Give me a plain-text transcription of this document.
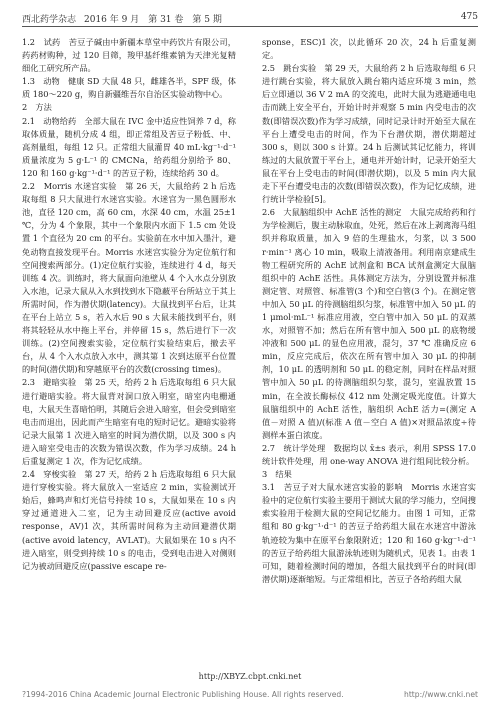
西北药学杂志 2016 年 9 月　第 31 卷　第 5 期	475

1.2　试药　苦豆子碱由中新疆本草堂中药饮片有限公司，药药材购种，过 120 目筛，羧甲基纤维素钠为天津光复精细化工研究所产品。

1.3　动物　健康 SD 大鼠 48 只，雌雄各半，SPF 级，体质 180～220 g，购自新疆维吾尔自治区实验动物中心。

2　方法

2.1　动物给药　全部大鼠在 IVC 金中适应性饲养 7 d，称取体质量，随机分成 4 组，即正常组及苦豆子粉低、中、高剂量组，每组 12 只。正常组大鼠灌胃 40 mL·kg⁻¹·d⁻¹ 质量浓度为 5 g·L⁻¹ 的 CMCNa，给药组分别给予 80、120 和 160 g·kg⁻¹·d⁻¹ 的苦豆子粉，连续给药 30 d。

2.2　Morris 水迷宫实验　第 26 天，大鼠给药 2 h 后选取每组 8 只大鼠进行水迷宫实验。水迷宫为一黑色圆形水池，直径 120 cm，高 60 cm，水深 40 cm，水温 25±1 ℃，分为 4 个象限，其中一个象限内水面下 1.5 cm 处设置 1 个直径为 20 cm 的平台。实验前在水中加入墨汁，避免动物直接发现平台。Morris 水迷宫实验分为定位航行和空间搜索两部分。(1)定位航行实验，连续进行 4 d，每天训练 4 次。训练时，将大鼠面向池壁从 4 个入水点分别放入水池，记录大鼠从入水到找到水下隐蔽平台所站立于其上所需时间，作为潜伏期(latency)。大鼠找到平台后，让其在平台上站立 5 s，若入水后 90 s 大鼠未能找到平台，则将其轻轻从水中拖上平台，并停留 15 s，然后进行下一次训练。(2)空间搜索实验，定位航行实验结束后，撤去平台，从 4 个入水点放入水中，测其第 1 次到达原平台位置的时间(潜伏期)和穿越原平台的次数(crossing times)。

2.3　避暗实验　第 25 天，给药 2 h 后选取每组 6 只大鼠进行避暗实验。将大鼠背对洞口放入明室，暗室内电栅通电，大鼠天生喜暗怕明，其随后会进入暗室，但会受到暗室电击而退出，因此而产生暗室有电的短时记忆。避暗实验将记录大鼠第 1 次进入暗室的时间为潜伏期，以及 300 s 内进入暗室受电击的次数为错误次数，作为学习成绩。24 h 后重复测定 1 次，作为记忆成绩。

2.4　穿梭实验　第 27 天，给药 2 h 后选取每组 6 只大鼠进行穿梭实验。将大鼠放入一室适应 2 min，实验测试开始后，蜂鸣声和灯光信号持续 10 s，大鼠如果在 10 s 内穿过通道进入二室，记为主动回避反应(active avoid response，AV)1 次，其所需时间称为主动回避潜伏期(active avoid latency，AVLAT)。大鼠如果在 10 s 内不进入暗室，则受到持续 10 s 的电击，受到电击进入对侧则记为被动回避反应(passive escape re-

sponse，ESC)1 次，以此循环 20 次，24 h 后重复测定。

2.5　跳台实验　第 29 天，大鼠给药 2 h 后选取每组 6 只进行跳台实验，将大鼠放入跳台箱内适应环境 3 min，然后立即通以 36 V 2 mA 的交流电，此时大鼠为逃避通电电击而跳上安全平台，开始计时并观察 5 min 内受电击的次数(即错误次数)作为学习成绩，同时记录计时开始至大鼠在平台上遭受电击的时间，作为下台潜伏期，潜伏期超过 300 s，则以 300 s 计算。24 h 后测试其记忆能力，将训练过的大鼠放置于平台上，通电并开始计时，记录开始至大鼠在平台上受电击的时间(即潜伏期)，以及 5 min 内大鼠走下平台遭受电击的次数(即错误次数)，作为记忆成绩，进行统计学检验[5]。

2.6　大鼠脑组织中 AchE 活性的测定　大鼠完成给药和行为学检测后，腹主动脉取血，处死，然后在冰上剥离海马组织并称取质量，加入 9 倍的生理盐水，匀浆，以 3 500 r·min⁻¹ 离心 10 min，吸取上清液备用。利用南京建成生物工程研究所的 AchE 试剂盒和 BCA 试剂盒测定大鼠脑组织中的 AchE 活性。具体测定方法为，分别设置并标准测定管、对照管、标准管(3 个)和空白管(3 个)。在测定管中加入 50 μL 的待测脑组织匀浆，标准管中加入 50 μL 的 1 μmol·mL⁻¹ 标准应用液，空白管中加入 50 μL 的双蒸水，对照管不加；然后在所有管中加入 500 μL 的底物缓冲液和 500 μL 的显色应用液，混匀，37 ℃ 准确反应 6 min，反应完成后，依次在所有管中加入 30 μL 的抑制剂，10 μL 的透明剂和 50 μL 的稳定剂，同时在样品对照管中加入 50 μL 的待测脑组织匀浆，混匀，室温放置 15 min，在全波长酶标仪 412 nm 处测定吸光度值。计算大鼠脑组织中的 AchE 活性，脑组织 AchE 活力=(测定 A 值－对照 A 值)/(标准 A 值－空白 A 值)×对照品浓度÷待测样本蛋白浓度。

2.7　统计学处理　数据均以 x̄±s 表示，利用 SPSS 17.0 统计软件处理，用 one-way ANOVA 进行组间比较分析。

3　结果

3.1　苦豆子对大鼠水迷宫实验的影响　Morris 水迷宫实验中的定位航行实验主要用于测试大鼠的学习能力，空间搜索实验用于检测大鼠的空间记忆能力。由图 1 可知，正常组和 80 g·kg⁻¹·d⁻¹ 的苦豆子给药组大鼠在水迷宫中游泳轨迹较为集中在原平台象限附近；120 和 160 g·kg⁻¹·d⁻¹ 的苦豆子给药组大鼠游泳轨迹则为随机式，见表 1。由表 1 可知，随着检测时间的增加，各组大鼠找到平台的时间(即潜伏期)逐渐缩短。与正常组相比，苦豆子各给药组大鼠

http://XBYZ.cbpt.cnki.net
?1994-2016 China Academic Journal Electronic Publishing House. All rights reserved.	http://www.cnki.net
